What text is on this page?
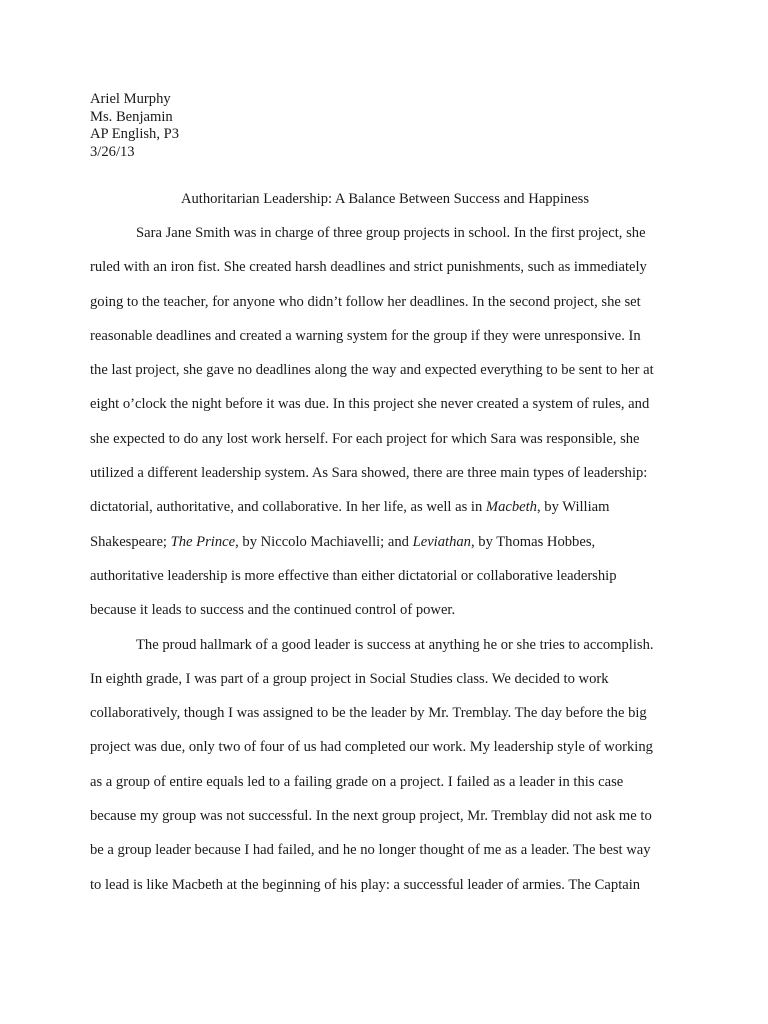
Ariel Murphy
Ms. Benjamin
AP English, P3
3/26/13
Authoritarian Leadership: A Balance Between Success and Happiness
Sara Jane Smith was in charge of three group projects in school. In the first project, she
ruled with an iron fist. She created harsh deadlines and strict punishments, such as immediately
going to the teacher, for anyone who didn’t follow her deadlines. In the second project, she set
reasonable deadlines and created a warning system for the group if they were unresponsive. In
the last project, she gave no deadlines along the way and expected everything to be sent to her at
eight o’clock the night before it was due. In this project she never created a system of rules, and
she expected to do any lost work herself. For each project for which Sara was responsible, she
utilized a different leadership system. As Sara showed, there are three main types of leadership:
dictatorial, authoritative, and collaborative. In her life, as well as in Macbeth, by William
Shakespeare; The Prince, by Niccolo Machiavelli; and Leviathan, by Thomas Hobbes,
authoritative leadership is more effective than either dictatorial or collaborative leadership
because it leads to success and the continued control of power.
The proud hallmark of a good leader is success at anything he or she tries to accomplish.
In eighth grade, I was part of a group project in Social Studies class. We decided to work
collaboratively, though I was assigned to be the leader by Mr. Tremblay. The day before the big
project was due, only two of four of us had completed our work. My leadership style of working
as a group of entire equals led to a failing grade on a project. I failed as a leader in this case
because my group was not successful. In the next group project, Mr. Tremblay did not ask me to
be a group leader because I had failed, and he no longer thought of me as a leader. The best way
to lead is like Macbeth at the beginning of his play: a successful leader of armies. The Captain
